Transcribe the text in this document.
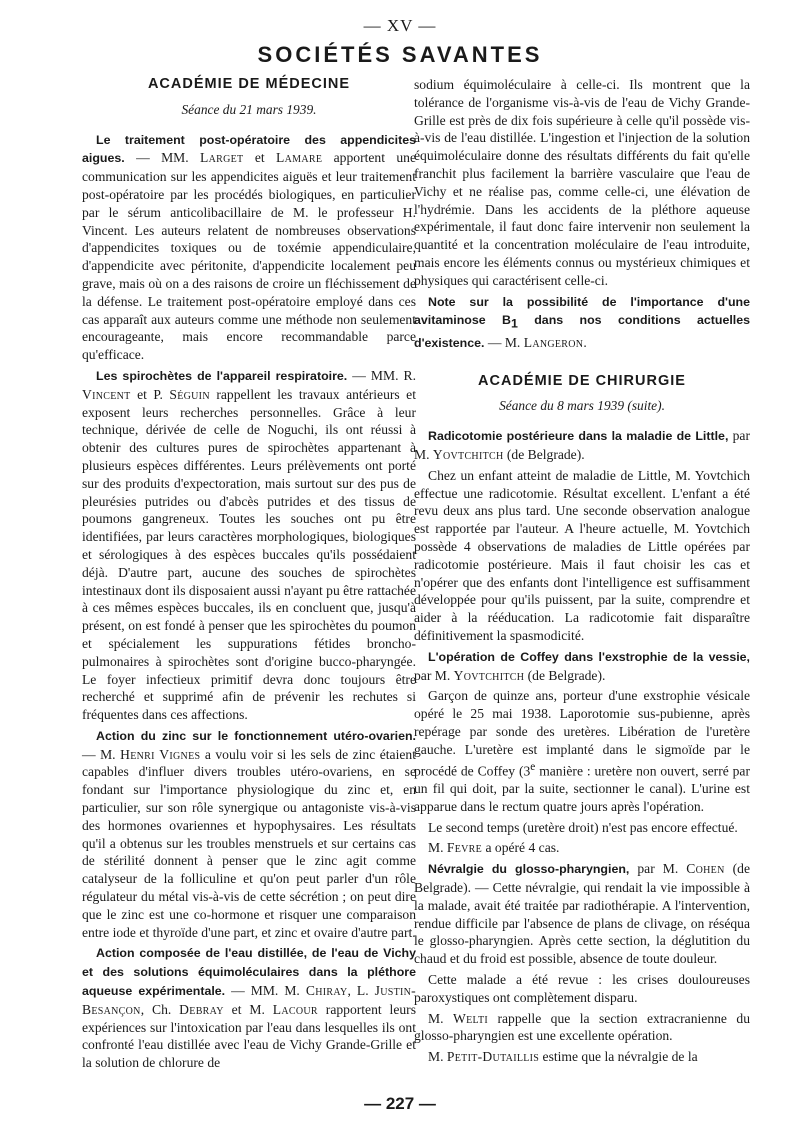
— XV —
SOCIÉTÉS SAVANTES
ACADÉMIE DE MÉDECINE
Séance du 21 mars 1939.

Le traitement post-opératoire des appendicites aigues. — MM. Larget et Lamare apportent une communication sur les appendicites aiguës et leur traitement post-opératoire par les procédés biologiques, en particulier par le sérum anticolibacillaire de M. le professeur H. Vincent. Les auteurs relatent de nombreuses observations d'appendicites toxiques ou de toxémie appendiculaire, d'appendicite avec péritonite, d'appendicite localement peu grave, mais où on a des raisons de croire un fléchissement de la défense. Le traitement post-opératoire employé dans ces cas apparaît aux auteurs comme une méthode non seulement encourageante, mais encore recommandable parce qu'efficace.

Les spirochètes de l'appareil respiratoire. — MM. R. Vincent et P. Séguin rappellent les travaux antérieurs et exposent leurs recherches personnelles. Grâce à leur technique, dérivée de celle de Noguchi, ils ont réussi à obtenir des cultures pures de spirochètes appartenant à plusieurs espèces différentes. Leurs prélèvements ont porté sur des produits d'expectoration, mais surtout sur des pus de pleurésies putrides ou d'abcès putrides et des tissus de poumons gangreneux. Toutes les souches ont pu être identifiées, par leurs caractères morphologiques, biologiques et sérologiques à des espèces buccales qu'ils possédaient déjà. D'autre part, aucune des souches de spirochètes intestinaux dont ils disposaient aussi n'ayant pu être rattachée à ces mêmes espèces buccales, ils en concluent que, jusqu'à présent, on est fondé à penser que les spirochètes du poumon et spécialement les suppurations fétides broncho-pulmonaires à spirochètes sont d'origine bucco-pharyngée. Le foyer infectieux primitif devra donc toujours être recherché et supprimé afin de prévenir les rechutes si fréquentes dans ces affections.

Action du zinc sur le fonctionnement utéro-ovarien. — M. Henri Vignes a voulu voir si les sels de zinc étaient capables d'influer divers troubles utéro-ovariens, en se fondant sur l'importance physiologique du zinc et, en particulier, sur son rôle synergique ou antagoniste vis-à-vis des hormones ovariennes et hypophysaires. Les résultats qu'il a obtenus sur les troubles menstruels et sur certains cas de stérilité donnent à penser que le zinc agit comme catalyseur de la folliculine et qu'on peut parler d'un rôle régulateur du métal vis-à-vis de cette sécrétion ; on peut dire que le zinc est une co-hormone et risquer une comparaison entre iode et thyroïde d'une part, et zinc et ovaire d'autre part.

Action composée de l'eau distillée, de l'eau de Vichy et des solutions équimoléculaires dans la pléthore aqueuse expérimentale. — MM. M. Chiray, L. Justin-Besançon, Ch. Debray et M. Lacour rapportent leurs expériences sur l'intoxication par l'eau dans lesquelles ils ont confronté l'eau distillée avec l'eau de Vichy Grande-Grille et la solution de chlorure de

sodium équimoléculaire à celle-ci. Ils montrent que la tolérance de l'organisme vis-à-vis de l'eau de Vichy Grande-Grille est près de dix fois supérieure à celle qu'il possède vis-à-vis de l'eau distillée. L'ingestion et l'injection de la solution équimoléculaire donne des résultats différents du fait qu'elle franchit plus facilement la barrière vasculaire que l'eau de Vichy et ne réalise pas, comme celle-ci, une élévation de l'hydrémie. Dans les accidents de la pléthore aqueuse expérimentale, il faut donc faire intervenir non seulement la quantité et la concentration moléculaire de l'eau introduite, mais encore les éléments connus ou mystérieux chimiques et physiques qui caractérisent celle-ci.

Note sur la possibilité de l'importance d'une avitaminose $B_1$ dans nos conditions actuelles d'existence. — M. Langeron.

ACADÉMIE DE CHIRURGIE
Séance du 8 mars 1939 (suite).

Radicotomie postérieure dans la maladie de Little, par M. Yovtchitch (de Belgrade).

Chez un enfant atteint de maladie de Little, M. Yovtchich effectue une radicotomie. Résultat excellent. L'enfant a été revu deux ans plus tard. Une seconde observation analogue est rapportée par l'auteur. A l'heure actuelle, M. Yovtchich possède 4 observations de maladies de Little opérées par radicotomie postérieure. Mais il faut choisir les cas et n'opérer que des enfants dont l'intelligence est suffisamment développée pour qu'ils puissent, par la suite, comprendre et aider à la rééducation. La radicotomie fait disparaître définitivement la spasmodicité.

L'opération de Coffey dans l'exstrophie de la vessie, par M. Yovtchitch (de Belgrade).

Garçon de quinze ans, porteur d'une exstrophie vésicale opéré le 25 mai 1938. Laporotomie sus-pubienne, après repérage par sonde des uretères. Libération de l'uretère gauche. L'uretère est implanté dans le sigmoïde par le procédé de Coffey (3e manière : uretère non ouvert, serré par un fil qui doit, par la suite, sectionner le canal). L'urine est apparue dans le rectum quatre jours après l'opération.

Le second temps (uretère droit) n'est pas encore effectué.

M. Fevre a opéré 4 cas.

Névralgie du glosso-pharyngien, par M. Cohen (de Belgrade). — Cette névralgie, qui rendait la vie impossible à la malade, avait été traitée par radiothérapie. A l'intervention, rendue difficile par l'absence de plans de clivage, on réséqua le glosso-pharyngien. Après cette section, la déglutition du chaud et du froid est possible, absence de toute douleur.

Cette malade a été revue : les crises douloureuses paroxystiques ont complètement disparu.

M. Welti rappelle que la section extracranienne du glosso-pharyngien est une excellente opération.

M. Petit-Dutaillis estime que la névralgie de la

— 227 —
